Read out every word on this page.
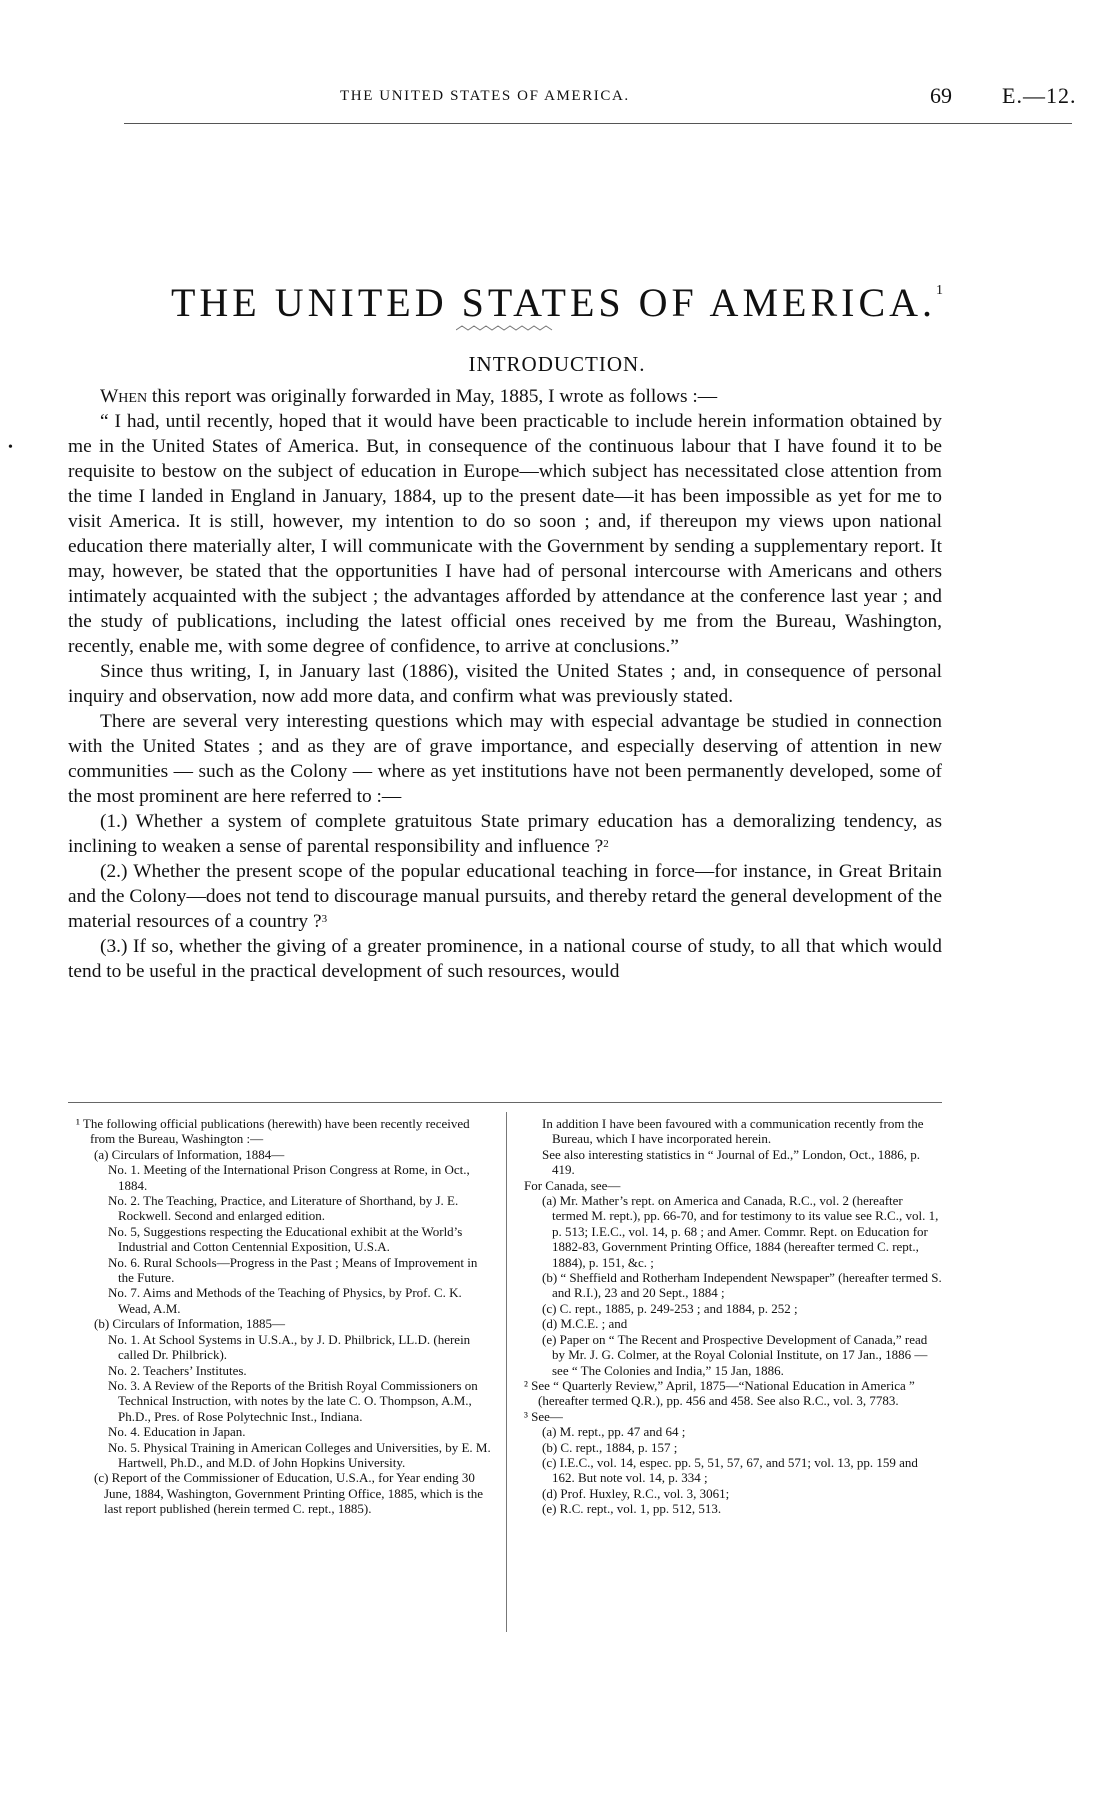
THE UNITED STATES OF AMERICA.	69 E.—12.
•
THE UNITED STATES OF AMERICA.$^1$
INTRODUCTION.

When this report was originally forwarded in May, 1885, I wrote as follows :—

“ I had, until recently, hoped that it would have been practicable to include herein information obtained by me in the United States of America. But, in consequence of the continuous labour that I have found it to be requisite to bestow on the subject of education in Europe—which subject has necessitated close attention from the time I landed in England in January, 1884, up to the present date—it has been impossible as yet for me to visit America. It is still, however, my intention to do so soon ; and, if thereupon my views upon national education there materially alter, I will communicate with the Government by sending a supplementary report. It may, however, be stated that the opportunities I have had of personal intercourse with Americans and others intimately acquainted with the subject ; the advantages afforded by attendance at the conference last year ; and the study of publications, including the latest official ones received by me from the Bureau, Washington, recently, enable me, with some degree of confidence, to arrive at conclusions.”

Since thus writing, I, in January last (1886), visited the United States ; and, in consequence of personal inquiry and observation, now add more data, and confirm what was previously stated.

There are several very interesting questions which may with especial advantage be studied in connection with the United States ; and as they are of grave importance, and especially deserving of attention in new communities — such as the Colony — where as yet institutions have not been permanently developed, some of the most prominent are here referred to :—

(1.) Whether a system of complete gratuitous State primary education has a demoralizing tendency, as inclining to weaken a sense of parental responsibility and influence ?$^2$

(2.) Whether the present scope of the popular educational teaching in force—for instance, in Great Britain and the Colony—does not tend to discourage manual pursuits, and thereby retard the general development of the material resources of a country ?$^3$

(3.) If so, whether the giving of a greater prominence, in a national course of study, to all that which would tend to be useful in the practical development of such resources, would

¹ The following official publications (herewith) have been recently received from the Bureau, Washington :—

(a) Circulars of Information, 1884—

No. 1. Meeting of the International Prison Congress at Rome, in Oct., 1884.

No. 2. The Teaching, Practice, and Literature of Shorthand, by J. E. Rockwell. Second and enlarged edition.

No. 5, Suggestions respecting the Educational exhibit at the World’s Industrial and Cotton Centennial Exposition, U.S.A.

No. 6. Rural Schools—Progress in the Past ; Means of Improvement in the Future.

No. 7. Aims and Methods of the Teaching of Physics, by Prof. C. K. Wead, A.M.

(b) Circulars of Information, 1885—

No. 1. At School Systems in U.S.A., by J. D. Philbrick, LL.D. (herein called Dr. Philbrick).

No. 2. Teachers’ Institutes.

No. 3. A Review of the Reports of the British Royal Commissioners on Technical Instruction, with notes by the late C. O. Thompson, A.M., Ph.D., Pres. of Rose Polytechnic Inst., Indiana.

No. 4. Education in Japan.

No. 5. Physical Training in American Colleges and Universities, by E. M. Hartwell, Ph.D., and M.D. of John Hopkins University.

(c) Report of the Commissioner of Education, U.S.A., for Year ending 30 June, 1884, Washington, Government Printing Office, 1885, which is the last report published (herein termed C. rept., 1885).

In addition I have been favoured with a communication recently from the Bureau, which I have incorporated herein.

See also interesting statistics in “ Journal of Ed.,” London, Oct., 1886, p. 419.

For Canada, see—

(a) Mr. Mather’s rept. on America and Canada, R.C., vol. 2 (hereafter termed M. rept.), pp. 66-70, and for testimony to its value see R.C., vol. 1, p. 513; I.E.C., vol. 14, p. 68 ; and Amer. Commr. Rept. on Education for 1882-83, Government Printing Office, 1884 (hereafter termed C. rept., 1884), p. 151, &c. ;

(b) “ Sheffield and Rotherham Independent Newspaper” (hereafter termed S. and R.I.), 23 and 20 Sept., 1884 ;

(c) C. rept., 1885, p. 249-253 ; and 1884, p. 252 ;

(d) M.C.E. ; and

(e) Paper on “ The Recent and Prospective Development of Canada,” read by Mr. J. G. Colmer, at the Royal Colonial Institute, on 17 Jan., 1886 — see “ The Colonies and India,” 15 Jan, 1886.

² See “ Quarterly Review,” April, 1875—“National Education in America ” (hereafter termed Q.R.), pp. 456 and 458. See also R.C., vol. 3, 7783.

³ See—

(a) M. rept., pp. 47 and 64 ;

(b) C. rept., 1884, p. 157 ;

(c) I.E.C., vol. 14, espec. pp. 5, 51, 57, 67, and 571; vol. 13, pp. 159 and 162. But note vol. 14, p. 334 ;

(d) Prof. Huxley, R.C., vol. 3, 3061;

(e) R.C. rept., vol. 1, pp. 512, 513.
